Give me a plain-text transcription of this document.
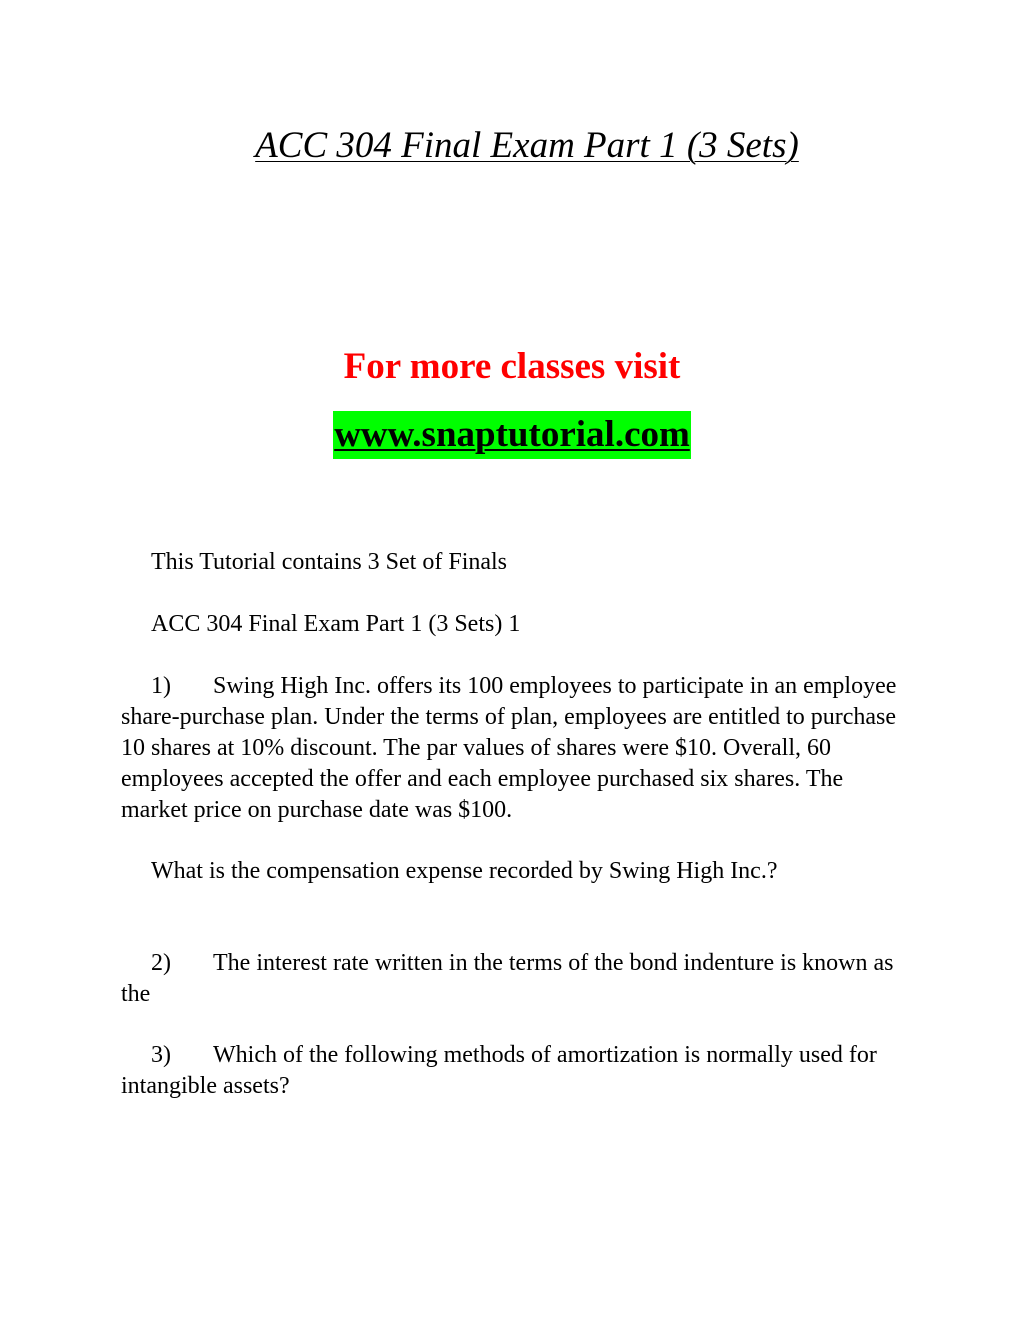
ACC 304 Final Exam Part 1 (3 Sets)
For more classes visit
www.snaptutorial.com

This Tutorial contains 3 Set of Finals

ACC 304 Final Exam Part 1 (3 Sets) 1

1) Swing High Inc. offers its 100 employees to participate in an employee share-purchase plan. Under the terms of plan, employees are entitled to purchase 10 shares at 10% discount. The par values of shares were $10. Overall, 60 employees accepted the offer and each employee purchased six shares. The market price on purchase date was $100.

What is the compensation expense recorded by Swing High Inc.?

2) The interest rate written in the terms of the bond indenture is known as the
3) Which of the following methods of amortization is normally used for intangible assets?
